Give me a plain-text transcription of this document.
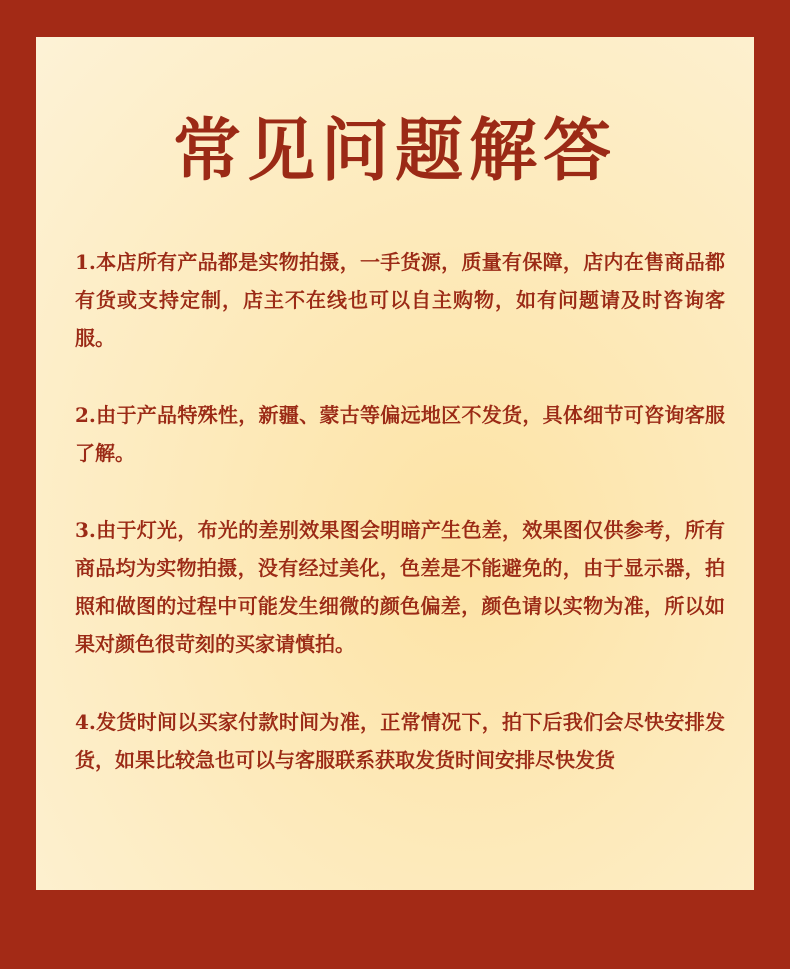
常见问题解答

1.本店所有产品都是实物拍摄，一手货源，质量有保障，店内在售商品都有货或支持定制，店主不在线也可以自主购物，如有问题请及时咨询客服。

2.由于产品特殊性，新疆、蒙古等偏远地区不发货，具体细节可咨询客服了解。

3.由于灯光，布光的差别效果图会明暗产生色差，效果图仅供参考，所有商品均为实物拍摄，没有经过美化，色差是不能避免的，由于显示器，拍照和做图的过程中可能发生细微的颜色偏差，颜色请以实物为准，所以如果对颜色很苛刻的买家请慎拍。

4.发货时间以买家付款时间为准，正常情况下，拍下后我们会尽快安排发货，如果比较急也可以与客服联系获取发货时间安排尽快发货
